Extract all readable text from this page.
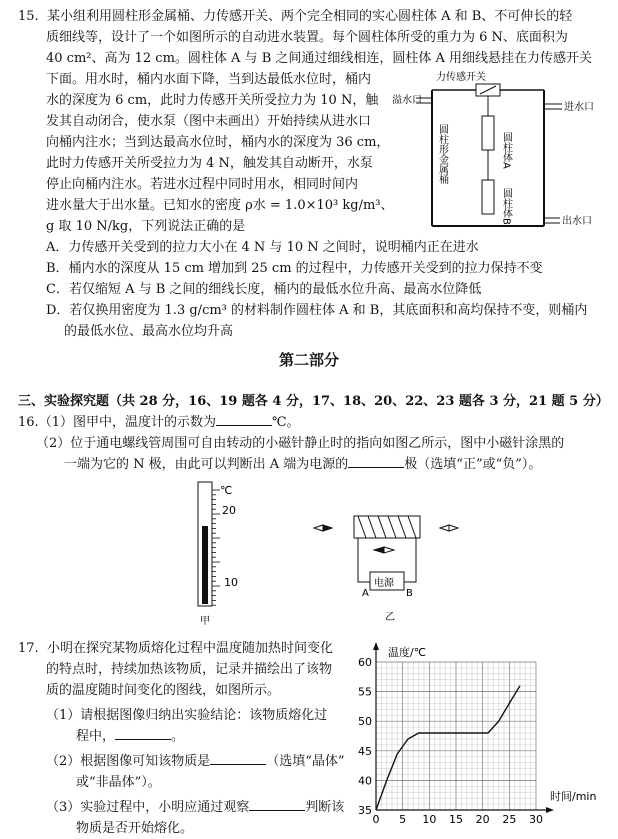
15. 某小组利用圆柱形金属桶、力传感开关、两个完全相同的实心圆柱体 A 和 B、不可伸长的轻
质细线等，设计了一个如图所示的自动进水装置。每个圆柱体所受的重力为 6 N、底面积为
40 cm²、高为 12 cm。圆柱体 A 与 B 之间通过细线相连，圆柱体 A 用细线悬挂在力传感开关
下面。用水时，桶内水面下降，当到达最低水位时，桶内
水的深度为 6 cm，此时力传感开关所受拉力为 10 N，触
发其自动闭合，使水泵（图中未画出）开始持续从进水口
向桶内注水；当到达最高水位时，桶内水的深度为 36 cm，
此时力传感开关所受拉力为 4 N，触发其自动断开，水泵
停止向桶内注水。若进水过程中同时用水，相同时间内
进水量大于出水量。已知水的密度 ρ水 = 1.0×10³ kg/m³、
g 取 10 N/kg，下列说法正确的是
A．力传感开关受到的拉力大小在 4 N 与 10 N 之间时，说明桶内正在进水
B．桶内水的深度从 15 cm 增加到 25 cm 的过程中，力传感开关受到的拉力保持不变
C．若仅缩短 A 与 B 之间的细线长度，桶内的最低水位升高、最高水位降低
D．若仅换用密度为 1.3 g/cm³ 的材料制作圆柱体 A 和 B，其底面积和高均保持不变，则桶内
的最低水位、最高水位均升高
力传感开关
溢水口
进水口
出水口
圆柱体A
圆柱体B
圆柱形金属桶
第二部分
三、实验探究题（共 28 分，16、19 题各 4 分，17、18、20、22、23 题各 3 分，21 题 5 分）
16.（1）图甲中，温度计的示数为	℃。
（2）位于通电螺线管周围可自由转动的小磁针静止时的指向如图乙所示，图中小磁针涂黑的
一端为它的 N 极，由此可以判断出 A 端为电源的	极（选填“正”或“负”）。
℃
20
10
甲
电源
A	B
乙
17. 小明在探究某物质熔化过程中温度随加热时间变化
的特点时，持续加热该物质，记录并描绘出了该物
质的温度随时间变化的图线，如图所示。
（1）请根据图像归纳出实验结论：该物质熔化过
程中，	。
（2）根据图像可知该物质是	（选填“晶体”
或“非晶体”）。
（3）实验过程中，小明应通过观察	判断该
物质是否开始熔化。
0 5 10 15 20 25 30
35
40
45
50
55
60
温度/℃
时间/min
